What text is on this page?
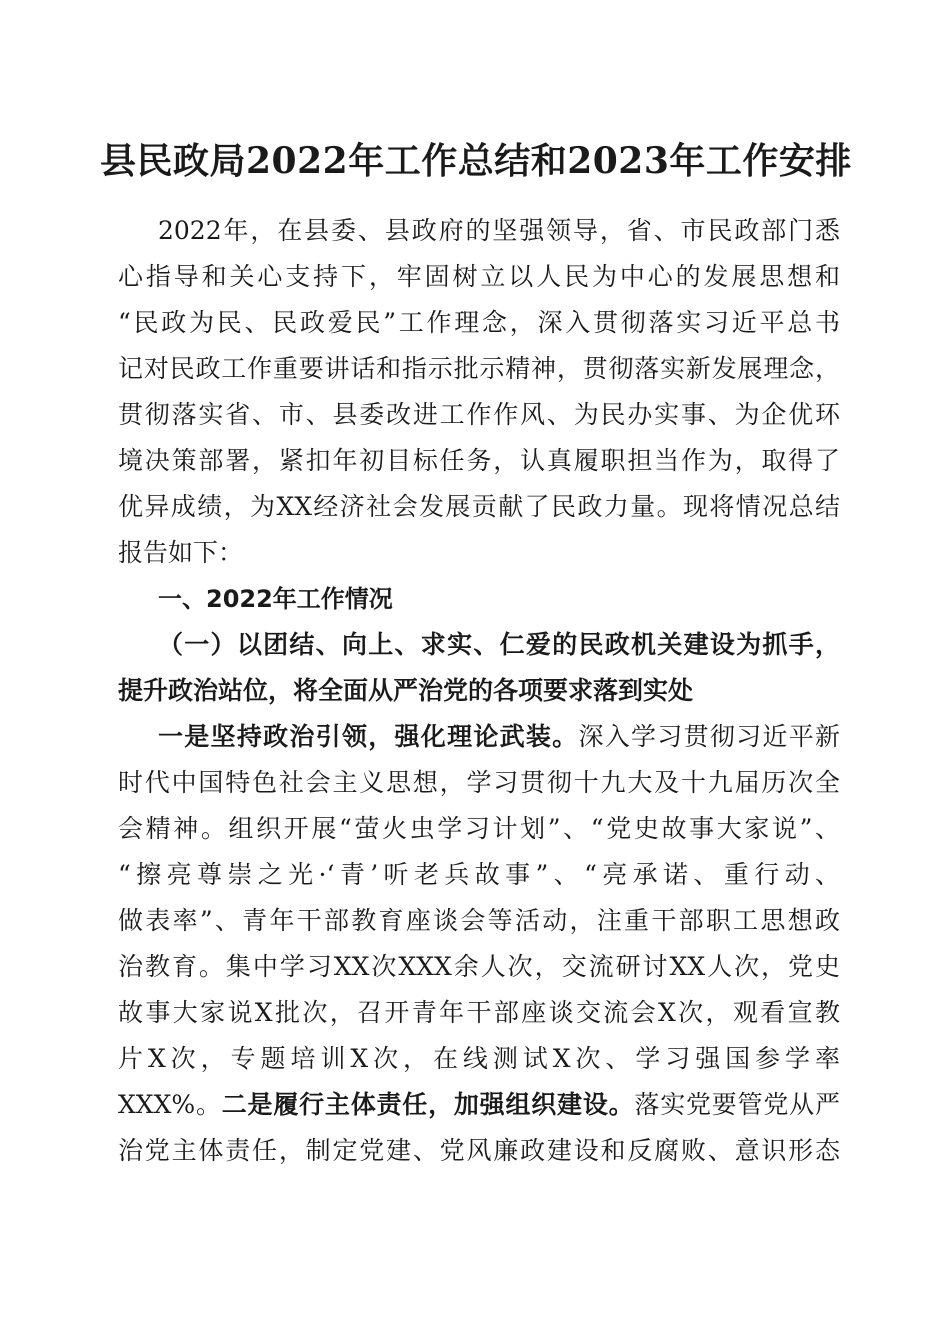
县民政局2022年工作总结和2023年工作安排
2022年，在县委、县政府的坚强领导，省、市民政部门悉
心指导和关心支持下，牢固树立以人民为中心的发展思想和
“民政为民、民政爱民”工作理念，深入贯彻落实习近平总书
记对民政工作重要讲话和指示批示精神，贯彻落实新发展理念，
贯彻落实省、市、县委改进工作作风、为民办实事、为企优环
境决策部署，紧扣年初目标任务，认真履职担当作为，取得了
优异成绩，为XX经济社会发展贡献了民政力量。现将情况总结
报告如下：
一、2022年工作情况
（一）以团结、向上、求实、仁爱的民政机关建设为抓手，
提升政治站位，将全面从严治党的各项要求落到实处
一是坚持政治引领，强化理论武装。深入学习贯彻习近平新
时代中国特色社会主义思想，学习贯彻十九大及十九届历次全
会精神。组织开展“萤火虫学习计划”、“党史故事大家说”、
“擦亮尊崇之光·‘青’听老兵故事”、“亮承诺、重行动、
做表率”、青年干部教育座谈会等活动，注重干部职工思想政
治教育。集中学习XX次XXX余人次，交流研讨XX人次，党史
故事大家说X批次，召开青年干部座谈交流会X次，观看宣教
片X次，专题培训X次，在线测试X次、学习强国参学率
XXX%。二是履行主体责任，加强组织建设。落实党要管党从严
治党主体责任，制定党建、党风廉政建设和反腐败、意识形态
